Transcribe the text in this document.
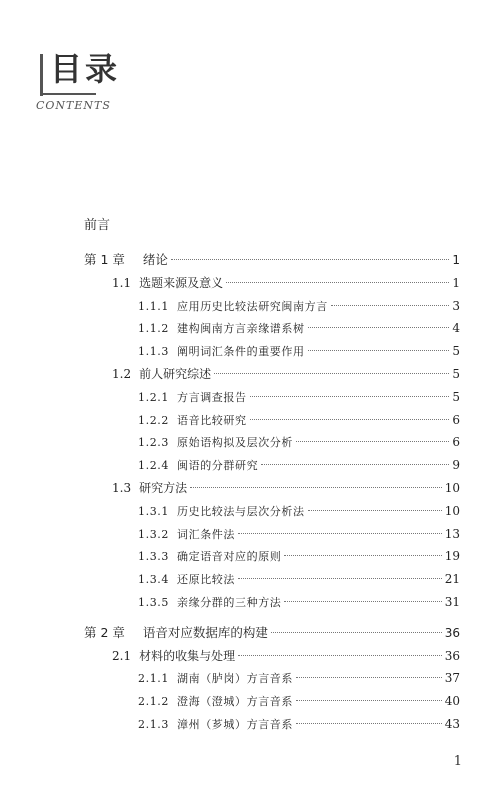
目录
CONTENTS
前言
第 1 章 绪论	1
1.1 选题来源及意义	1
1.1.1 应用历史比较法研究闽南方言	3
1.1.2 建构闽南方言亲缘谱系树	4
1.1.3 阐明词汇条件的重要作用	5
1.2 前人研究综述	5
1.2.1 方言调查报告	5
1.2.2 语音比较研究	6
1.2.3 原始语构拟及层次分析	6
1.2.4 闽语的分群研究	9
1.3 研究方法	10
1.3.1 历史比较法与层次分析法	10
1.3.2 词汇条件法	13
1.3.3 确定语音对应的原则	19
1.3.4 还原比较法	21
1.3.5 亲缘分群的三种方法	31
第 2 章 语音对应数据库的构建	36
2.1 材料的收集与处理	36
2.1.1 湖南（胪岗）方言音系	37
2.1.2 澄海（澄城）方言音系	40
2.1.3 漳州（芗城）方言音系	43
1
